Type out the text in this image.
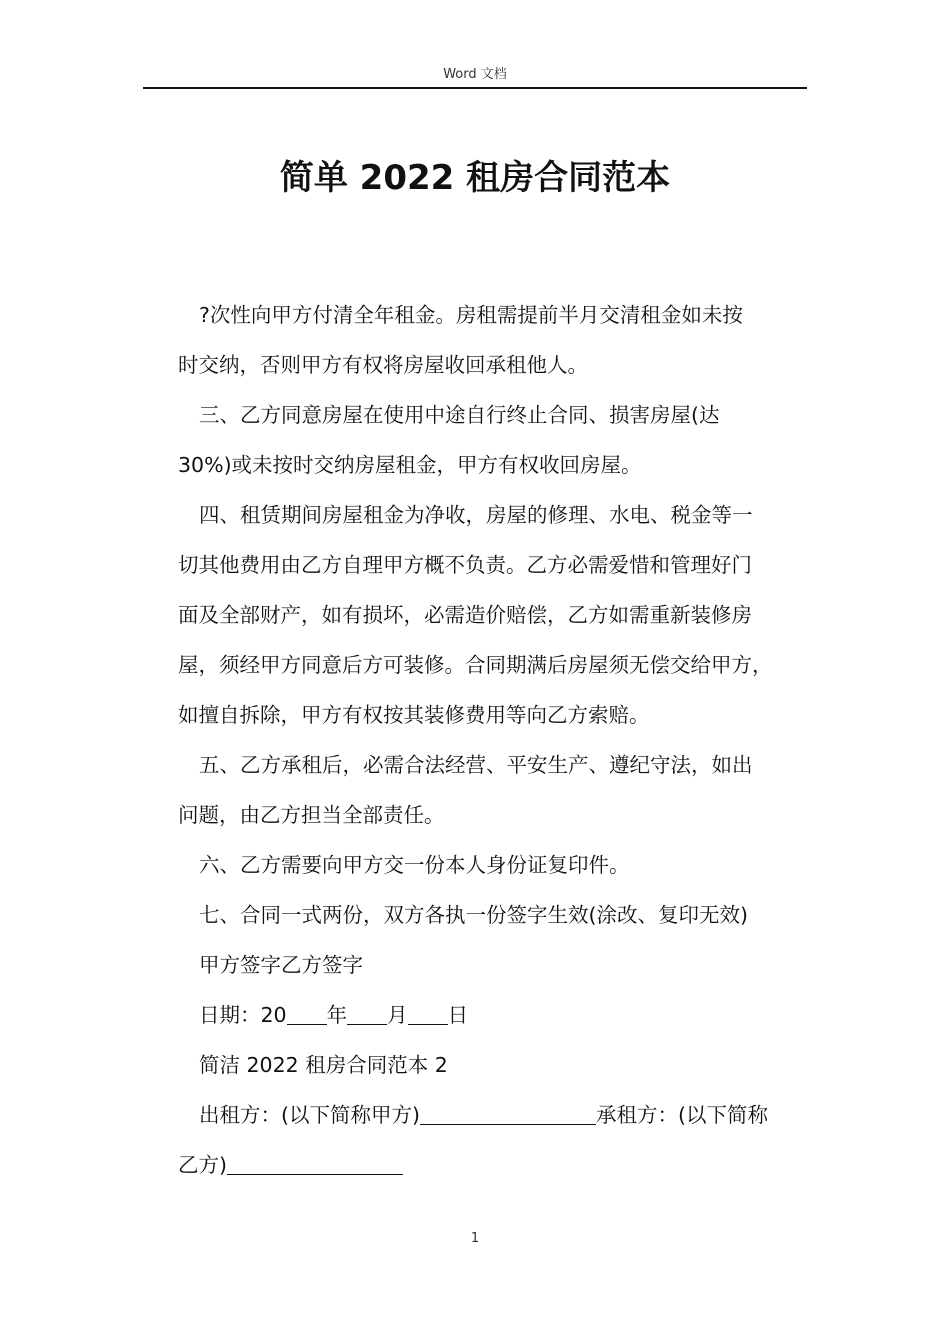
Word 文档
简单 2022 租房合同范本

?次性向甲方付清全年租金。房租需提前半月交清租金如未按
时交纳，否则甲方有权将房屋收回承租他人。

三、乙方同意房屋在使用中途自行终止合同、损害房屋(达
30%)或未按时交纳房屋租金，甲方有权收回房屋。

四、租赁期间房屋租金为净收，房屋的修理、水电、税金等一
切其他费用由乙方自理甲方概不负责。乙方必需爱惜和管理好门
面及全部财产，如有损坏，必需造价赔偿，乙方如需重新装修房
屋，须经甲方同意后方可装修。合同期满后房屋须无偿交给甲方，
如擅自拆除，甲方有权按其装修费用等向乙方索赔。

五、乙方承租后，必需合法经营、平安生产、遵纪守法，如出
问题，由乙方担当全部责任。

六、乙方需要向甲方交一份本人身份证复印件。

七、合同一式两份，双方各执一份签字生效(涂改、复印无效)

甲方签字乙方签字

日期：20 年 月 日

简洁 2022 租房合同范本 2

出租方：(以下简称甲方)	承租方：(以下简称
乙方)

1
